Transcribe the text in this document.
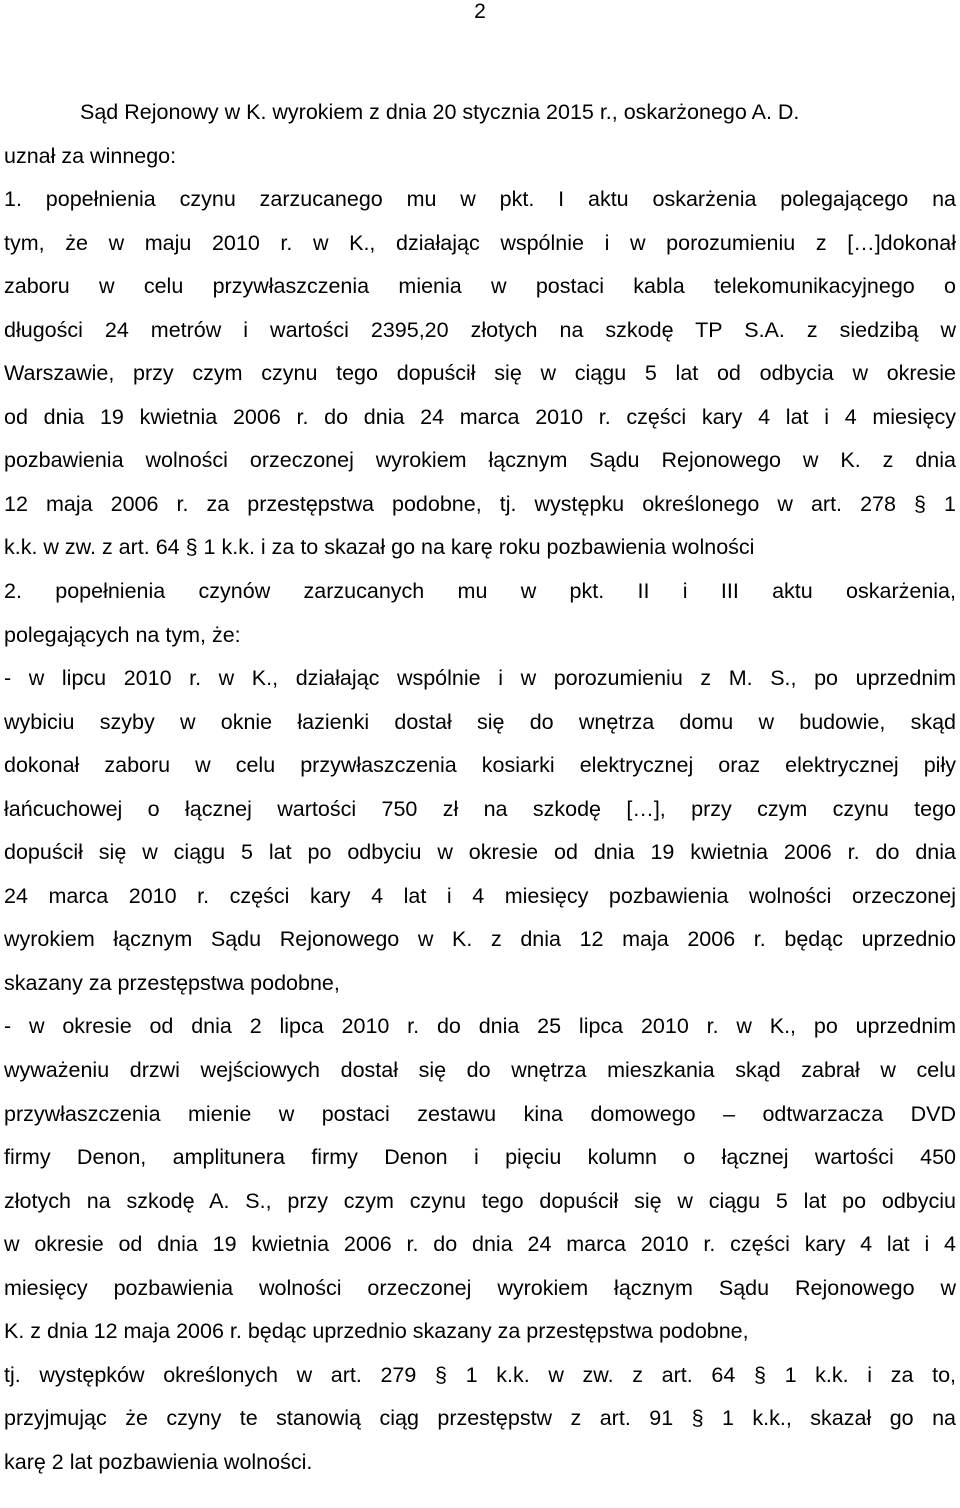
2
Sąd Rejonowy w K. wyrokiem z dnia 20 stycznia 2015 r., oskarżonego A. D.
uznał za winnego:
1. popełnienia czynu zarzucanego mu w pkt. I aktu oskarżenia polegającego na
tym, że w maju 2010 r. w K., działając wspólnie i w porozumieniu z […]dokonał
zaboru w celu przywłaszczenia mienia w postaci kabla telekomunikacyjnego o
długości 24 metrów i wartości 2395,20 złotych na szkodę TP S.A. z siedzibą w
Warszawie, przy czym czynu tego dopuścił się w ciągu 5 lat od odbycia w okresie
od dnia 19 kwietnia 2006 r. do dnia 24 marca 2010 r. części kary 4 lat i 4 miesięcy
pozbawienia wolności orzeczonej wyrokiem łącznym Sądu Rejonowego w K. z dnia
12 maja 2006 r. za przestępstwa podobne, tj. występku określonego w art. 278 § 1
k.k. w zw. z art. 64 § 1 k.k. i za to skazał go na karę roku pozbawienia wolności
2. popełnienia czynów zarzucanych mu w pkt. II i III aktu oskarżenia,
polegających na tym, że:
- w lipcu 2010 r. w K., działając wspólnie i w porozumieniu z M. S., po uprzednim
wybiciu szyby w oknie łazienki dostał się do wnętrza domu w budowie, skąd
dokonał zaboru w celu przywłaszczenia kosiarki elektrycznej oraz elektrycznej piły
łańcuchowej o łącznej wartości 750 zł na szkodę […], przy czym czynu tego
dopuścił się w ciągu 5 lat po odbyciu w okresie od dnia 19 kwietnia 2006 r. do dnia
24 marca 2010 r. części kary 4 lat i 4 miesięcy pozbawienia wolności orzeczonej
wyrokiem łącznym Sądu Rejonowego w K. z dnia 12 maja 2006 r. będąc uprzednio
skazany za przestępstwa podobne,
- w okresie od dnia 2 lipca 2010 r. do dnia 25 lipca 2010 r. w K., po uprzednim
wyważeniu drzwi wejściowych dostał się do wnętrza mieszkania skąd zabrał w celu
przywłaszczenia mienie w postaci zestawu kina domowego – odtwarzacza DVD
firmy Denon, amplitunera firmy Denon i pięciu kolumn o łącznej wartości 450
złotych na szkodę A. S., przy czym czynu tego dopuścił się w ciągu 5 lat po odbyciu
w okresie od dnia 19 kwietnia 2006 r. do dnia 24 marca 2010 r. części kary 4 lat i 4
miesięcy pozbawienia wolności orzeczonej wyrokiem łącznym Sądu Rejonowego w
K. z dnia 12 maja 2006 r. będąc uprzednio skazany za przestępstwa podobne,
tj. występków określonych w art. 279 § 1 k.k. w zw. z art. 64 § 1 k.k. i za to,
przyjmując że czyny te stanowią ciąg przestępstw z art. 91 § 1 k.k., skazał go na
karę 2 lat pozbawienia wolności.
